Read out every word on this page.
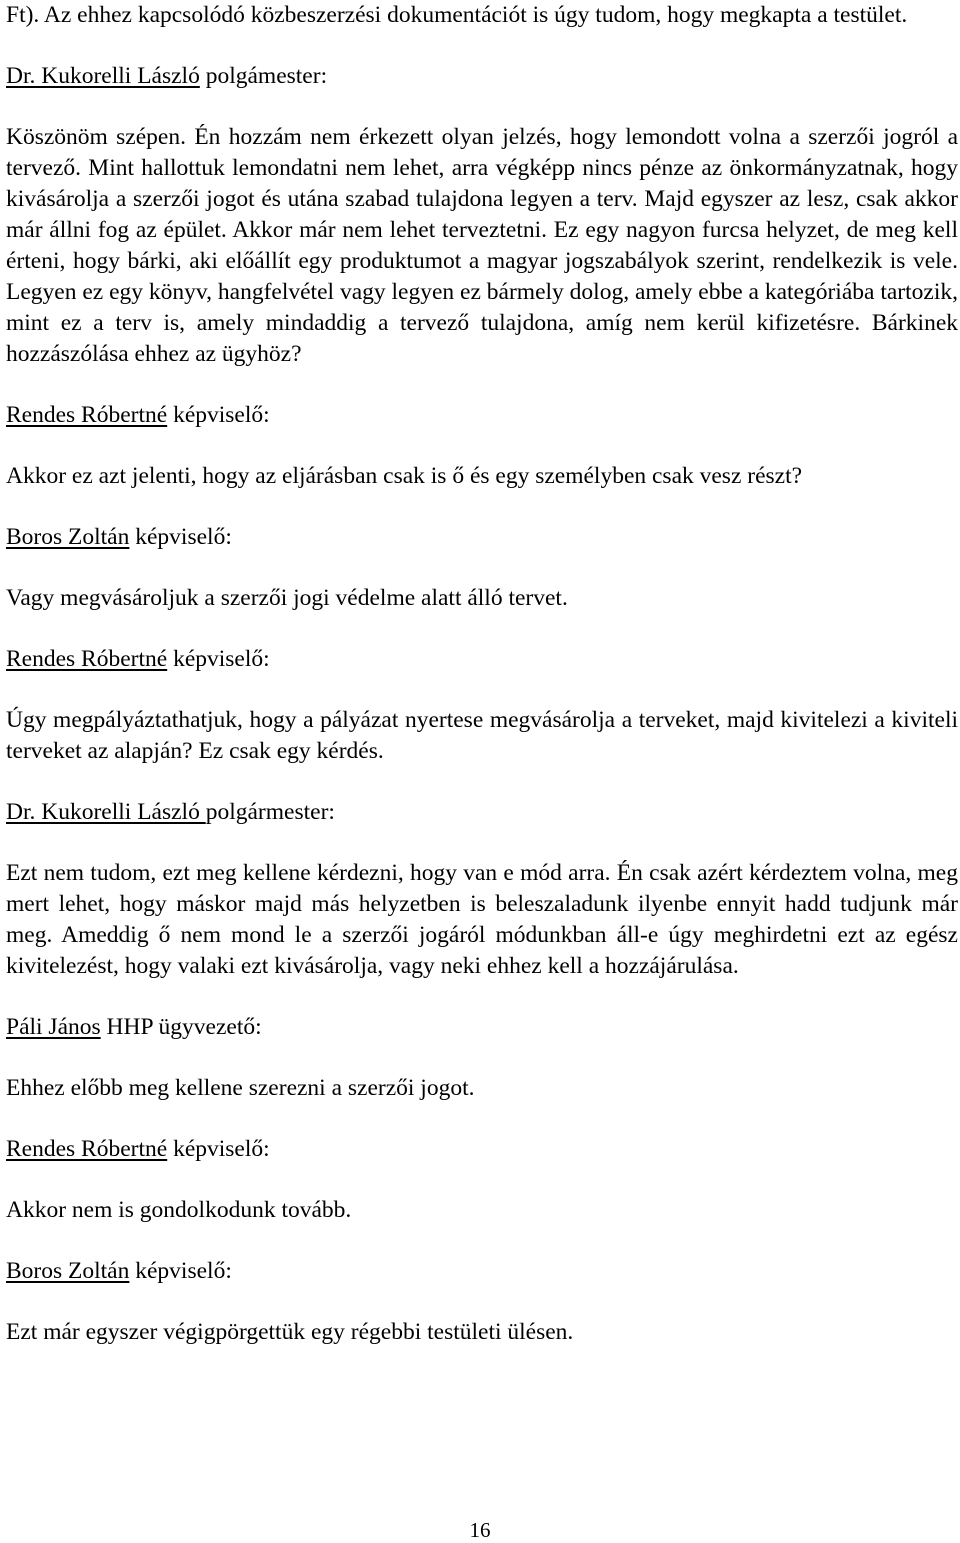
Ft). Az ehhez kapcsolódó közbeszerzési dokumentációt is úgy tudom, hogy megkapta a testület.

Dr. Kukorelli László polgámester:

Köszönöm szépen. Én hozzám nem érkezett olyan jelzés, hogy lemondott volna a szerzői jogról a tervező. Mint hallottuk lemondatni nem lehet, arra végképp nincs pénze az önkormányzatnak, hogy kivásárolja a szerzői jogot és utána szabad tulajdona legyen a terv. Majd egyszer az lesz, csak akkor már állni fog az épület. Akkor már nem lehet terveztetni. Ez egy nagyon furcsa helyzet, de meg kell érteni, hogy bárki, aki előállít egy produktumot a magyar jogszabályok szerint, rendelkezik is vele. Legyen ez egy könyv, hangfelvétel vagy legyen ez bármely dolog, amely ebbe a kategóriába tartozik, mint ez a terv is, amely mindaddig a tervező tulajdona, amíg nem kerül kifizetésre. Bárkinek hozzászólása ehhez az ügyhöz?

Rendes Róbertné képviselő:

Akkor ez azt jelenti, hogy az eljárásban csak is ő és egy személyben csak vesz részt?

Boros Zoltán képviselő:

Vagy megvásároljuk a szerzői jogi védelme alatt álló tervet.

Rendes Róbertné képviselő:

Úgy megpályáztathatjuk, hogy a pályázat nyertese megvásárolja a terveket, majd kivitelezi a kiviteli terveket az alapján? Ez csak egy kérdés.

Dr. Kukorelli László polgármester:

Ezt nem tudom, ezt meg kellene kérdezni, hogy van e mód arra. Én csak azért kérdeztem volna, meg mert lehet, hogy máskor majd más helyzetben is beleszaladunk ilyenbe ennyit hadd tudjunk már meg. Ameddig ő nem mond le a szerzői jogáról módunkban áll-e úgy meghirdetni ezt az egész kivitelezést, hogy valaki ezt kivásárolja, vagy neki ehhez kell a hozzájárulása.

Páli János HHP ügyvezető:

Ehhez előbb meg kellene szerezni a szerzői jogot.

Rendes Róbertné képviselő:

Akkor nem is gondolkodunk tovább.

Boros Zoltán képviselő:

Ezt már egyszer végigpörgettük egy régebbi testületi ülésen.

16
